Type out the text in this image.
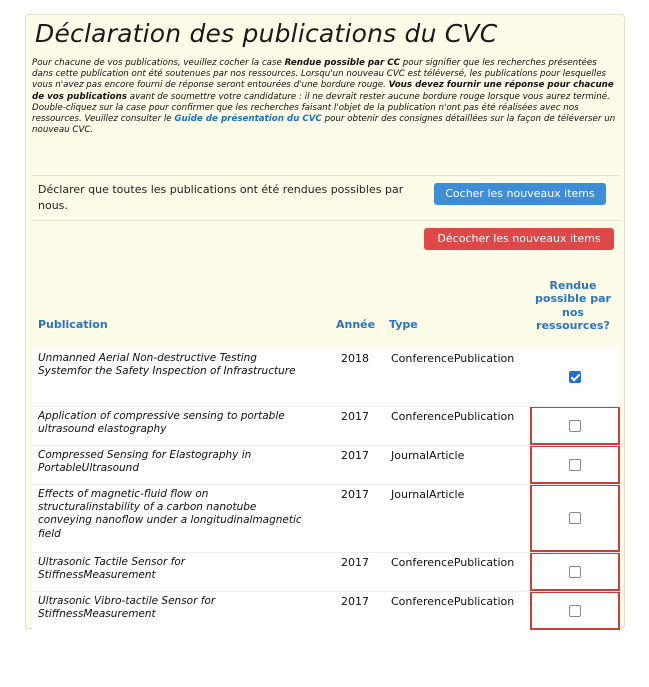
Déclaration des publications du CVC
Pour chacune de vos publications, veuillez cocher la case Rendue possible par CC pour signifier que les recherches présentées dans cette publication ont été soutenues par nos ressources. Lorsqu'un nouveau CVC est téléversé, les publications pour lesquelles vous n'avez pas encore fourni de réponse seront entourées d'une bordure rouge. Vous devez fournir une réponse pour chacune de vos publications avant de soumettre votre candidature : il ne devrait rester aucune bordure rouge lorsque vous aurez terminé. Double-cliquez sur la case pour confirmer que les recherches faisant l'objet de la publication n'ont pas été réalisées avec nos ressources. Veuillez consulter le Guide de présentation du CVC pour obtenir des consignes détaillées sur la façon de téléverser un nouveau CVC.
Déclarer que toutes les publications ont été rendues possibles par nous.
Cocher les nouveaux items
Décocher les nouveaux items
Publication	Année Type
Rendue possible par nos ressources?
Unmanned Aerial Non-destructive Testing Systemfor the Safety Inspection of Infrastructure
2018 ConferencePublication
Application of compressive sensing to portable ultrasound elastography
2017 ConferencePublication
Compressed Sensing for Elastography in PortableUltrasound
2017 JournalArticle
Effects of magnetic-fluid flow on structuralinstability of a carbon nanotube conveying nanoflow under a longitudinalmagnetic field
2017 JournalArticle
Ultrasonic Tactile Sensor for StiffnessMeasurement
2017 ConferencePublication
Ultrasonic Vibro-tactile Sensor for StiffnessMeasurement
2017 ConferencePublication
